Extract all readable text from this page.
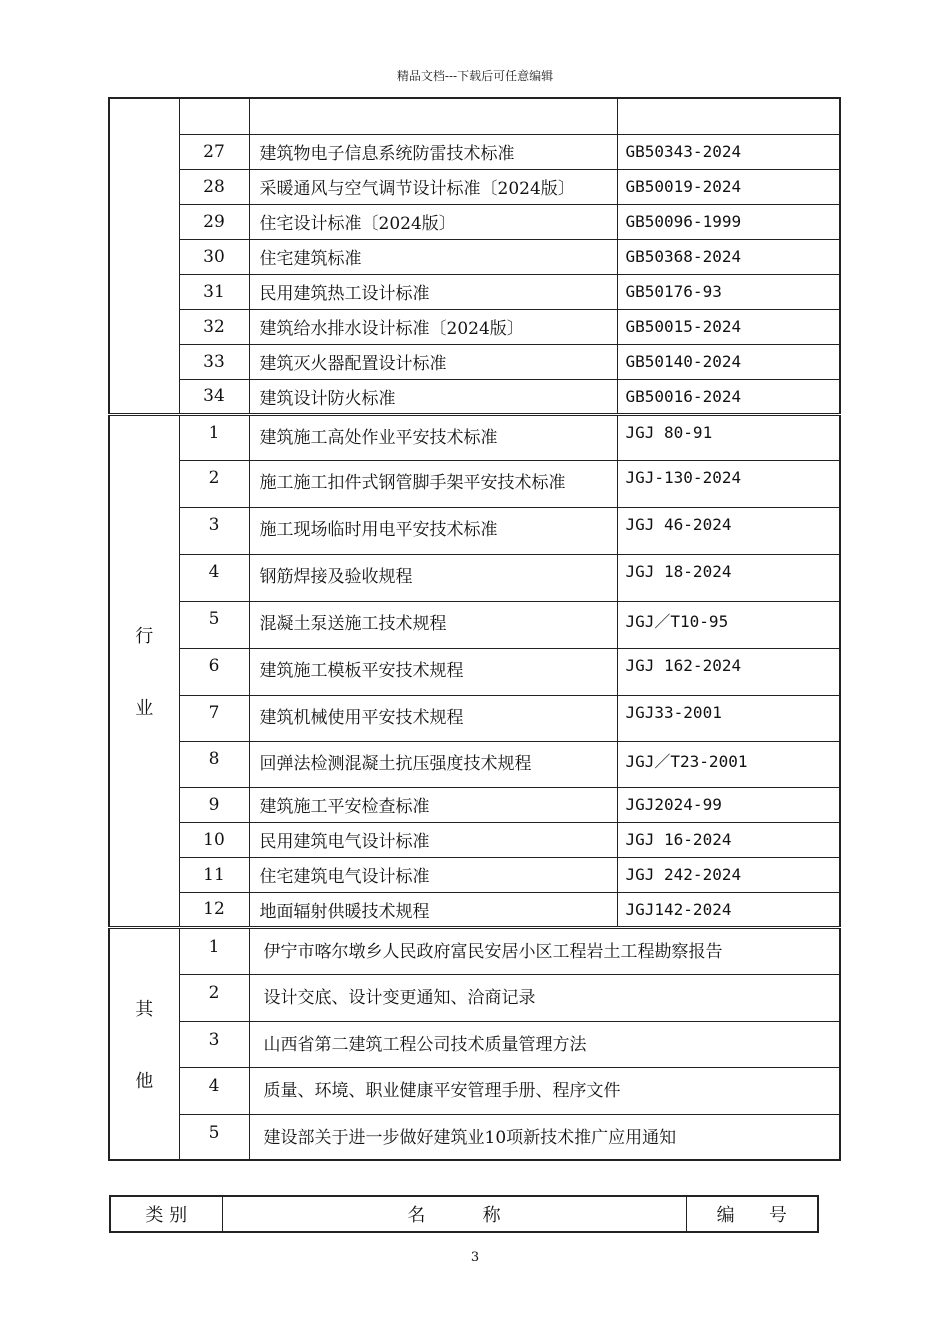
精品文档---下载后可任意编辑

	27	建筑物电子信息系统防雷技术标准	GB50343-2024
	28	采暖通风与空气调节设计标准〔2024版〕	GB50019-2024
	29	住宅设计标准〔2024版〕	GB50096-1999
	30	住宅建筑标准	GB50368-2024
	31	民用建筑热工设计标准	GB50176-93
	32	建筑给水排水设计标准〔2024版〕	GB50015-2024
	33	建筑灭火器配置设计标准	GB50140-2024
	34	建筑设计防火标准	GB50016-2024

行
业	1	建筑施工高处作业平安技术标准	JGJ 80-91
	2	施工施工扣件式钢管脚手架平安技术标准	JGJ-130-2024
	3	施工现场临时用电平安技术标准	JGJ 46-2024
	4	钢筋焊接及验收规程	JGJ 18-2024
	5	混凝土泵送施工技术规程	JGJ／T10-95
	6	建筑施工模板平安技术规程	JGJ 162-2024
	7	建筑机械使用平安技术规程	JGJ33-2001
	8	回弹法检测混凝土抗压强度技术规程	JGJ／T23-2001
	9	建筑施工平安检查标准	JGJ2024-99
	10	民用建筑电气设计标准	JGJ 16-2024
	11	住宅建筑电气设计标准	JGJ 242-2024
	12	地面辐射供暖技术规程	JGJ142-2024

其
他	1	伊宁市喀尔墩乡人民政府富民安居小区工程岩土工程勘察报告	
	2	设计交底、设计变更通知、洽商记录	
	3	山西省第二建筑工程公司技术质量管理方法	
	4	质量、环境、职业健康平安管理手册、程序文件	
	5	建设部关于进一步做好建筑业10项新技术推广应用通知	
类 别	名          称	编      号
3
